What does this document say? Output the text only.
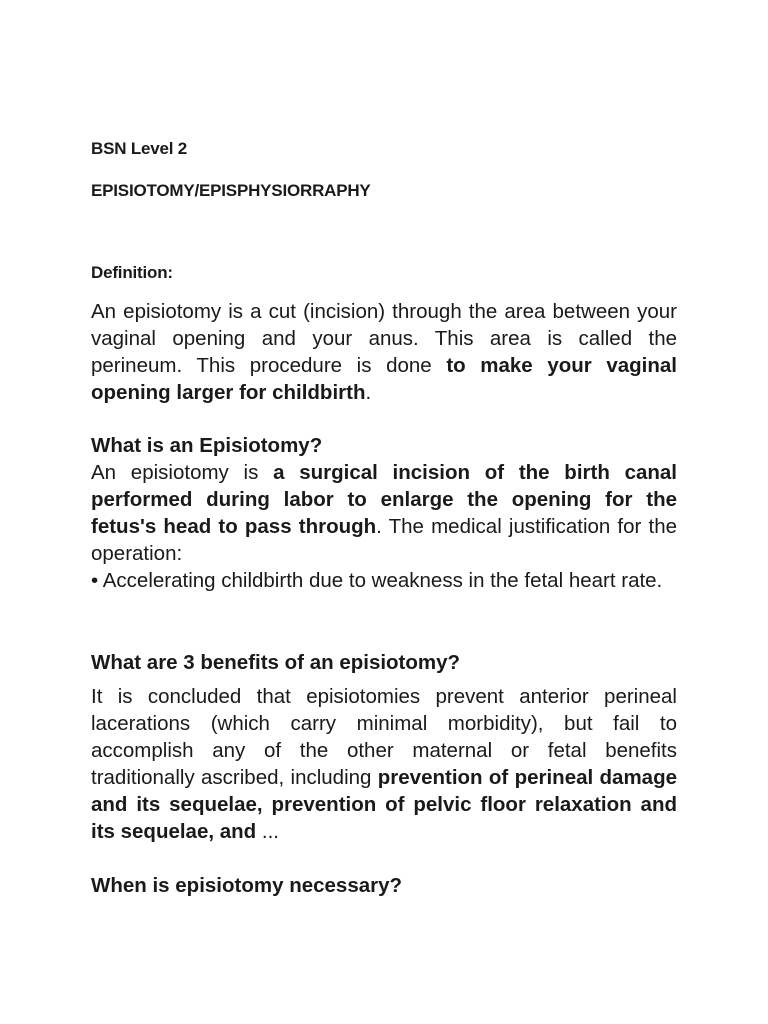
BSN Level 2

EPISIOTOMY/EPISPHYSIORRAPHY

Definition:

An episiotomy is a cut (incision) through the area between your vaginal opening and your anus. This area is called the perineum. This procedure is done to make your vaginal opening larger for childbirth.

What is an Episiotomy?

An episiotomy is a surgical incision of the birth canal performed during labor to enlarge the opening for the fetus's head to pass through. The medical justification for the operation:

• Accelerating childbirth due to weakness in the fetal heart rate.

What are 3 benefits of an episiotomy?

It is concluded that episiotomies prevent anterior perineal lacerations (which carry minimal morbidity), but fail to accomplish any of the other maternal or fetal benefits traditionally ascribed, including prevention of perineal damage and its sequelae, prevention of pelvic floor relaxation and its sequelae, and ...

When is episiotomy necessary?
